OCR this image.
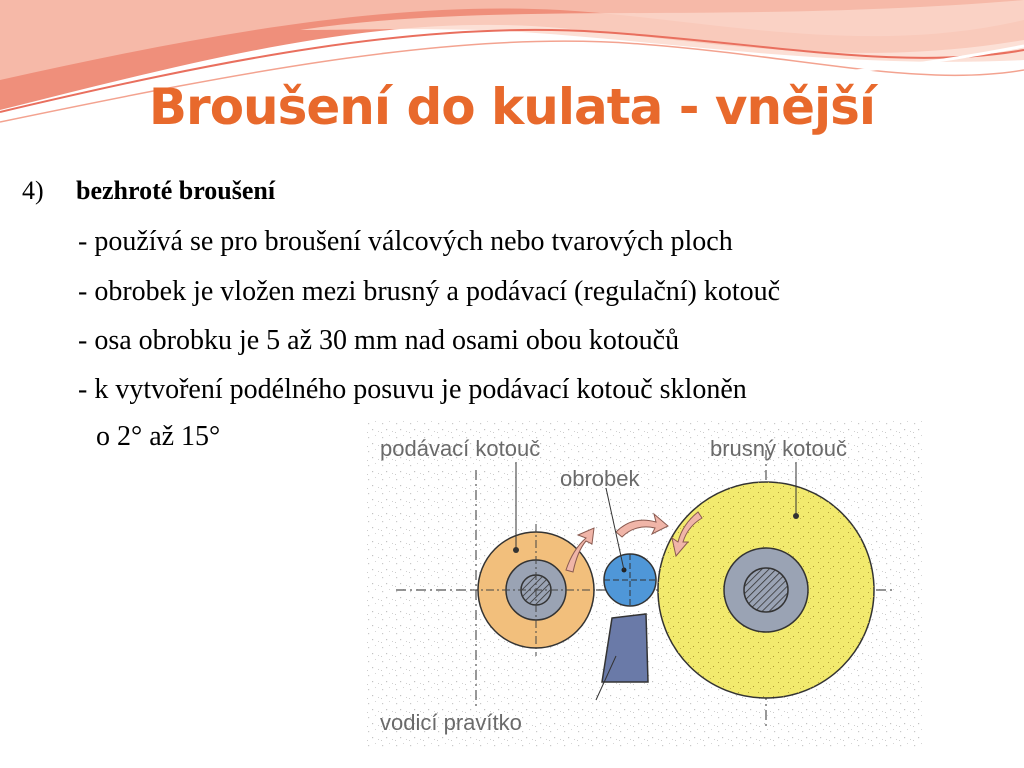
Broušení do kulata - vnější
4) bezhroté broušení
- používá se pro broušení válcových nebo tvarových ploch
- obrobek je vložen mezi brusný a podávací (regulační) kotouč
- osa obrobku je 5 až 30 mm nad osami obou kotoučů
- k vytvoření podélného posuvu je podávací kotouč skloněn
o 2° až 15°	podávací kotouč	brusný kotouč
obrobek
vodicí pravítko
